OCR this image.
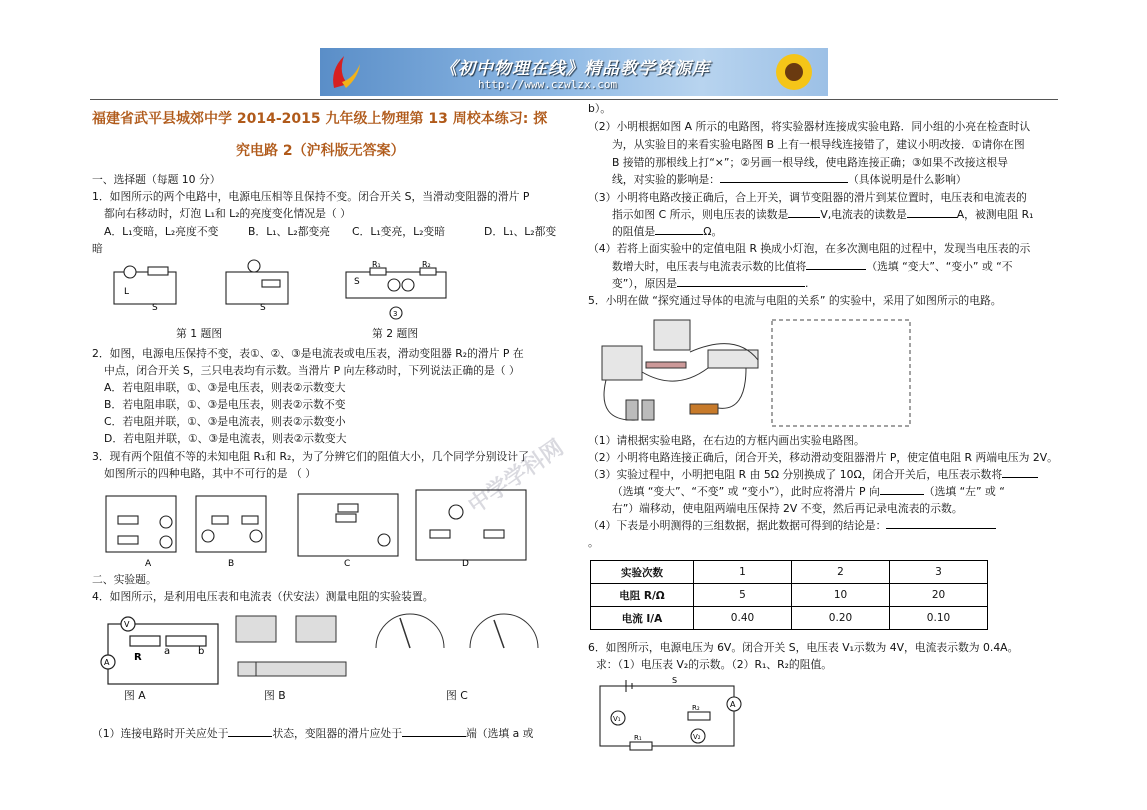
《初中物理在线》精品教学资源库
http://www.czwlzx.com
福建省武平县城郊中学 2014-2015 九年级上物理第 13 周校本练习: 探
究电路 2（沪科版无答案）
一、选择题（每题 10 分）
1．如图所示的两个电路中，电源电压相等且保持不变。闭合开关 S，当滑动变阻器的滑片 P
都向右移动时，灯泡 L₁和 L₂的亮度变化情况是（ ）
A．L₁变暗，L₂亮度不变	B．L₁、L₂都变亮 C．L₁变亮，L₂变暗	D．L₁、L₂都变
暗
L
S	S
S
R₁	R₂
3
第 1 题图	第 2 题图
2．如图，电源电压保持不变，表①、②、③是电流表或电压表，滑动变阻器 R₂的滑片 P 在
中点，闭合开关 S，三只电表均有示数。当滑片 P 向左移动时，下列说法正确的是（ ）
A．若电阻串联，①、③是电压表，则表②示数变大
B．若电阻串联，①、③是电压表，则表②示数不变
C．若电阻并联，①、③是电流表，则表②示数变小
D．若电阻并联，①、③是电流表，则表②示数变大
3．现有两个阻值不等的未知电阻 R₁和 R₂，为了分辨它们的阻值大小，几个同学分别设计了
如图所示的四种电路，其中不可行的是 （ ）
A	B	C	D
二、实验题。
4．如图所示，是利用电压表和电流表（伏安法）测量电阻的实验装置。
V
A R
a	b
图 A	图 B	图 C
（1）连接电路时开关应处于	状态，变阻器的滑片应处于	端（选填 a 或
b）。
（2）小明根据如图 A 所示的电路图，将实验器材连接成实验电路．同小组的小亮在检查时认
为，从实验目的来看实验电路图 B 上有一根导线连接错了，建议小明改接．①请你在图
B 接错的那根线上打“×”；②另画一根导线，使电路连接正确；③如果不改接这根导
线，对实验的影响是：	（具体说明是什么影响）
（3）小明将电路改接正确后，合上开关，调节变阻器的滑片到某位置时，电压表和电流表的
指示如图 C 所示，则电压表的读数是	V,电流表的读数是	A，被测电阻 R₁
的阻值是	Ω。
（4）若将上面实验中的定值电阻 R 换成小灯泡，在多次测电阻的过程中，发现当电压表的示
数增大时，电压表与电流表示数的比值将	（选填 “变大”、“变小” 或 “不
变”），原因是	.
5．小明在做 “探究通过导体的电流与电阻的关系” 的实验中，采用了如图所示的电路。
（1）请根据实验电路，在右边的方框内画出实验电路图。
（2）小明将电路连接正确后，闭合开关，移动滑动变阻器滑片 P，使定值电阻 R 两端电压为 2V。
（3）实验过程中，小明把电阻 R 由 5Ω 分别换成了 10Ω，闭合开关后，电压表示数将
（选填 “变大”、“不变” 或 “变小”），此时应将滑片 P 向	（选填 “左” 或 “
右”）端移动，使电阻两端电压保持 2V 不变，然后再记录电流表的示数。
（4）下表是小明测得的三组数据，据此数据可得到的结论是：
。
实验次数	1	2	3
电阻 R/Ω	5	10	20
电流 I/A	0.40	0.20	0.10
6．如图所示，电源电压为 6V。闭合开关 S，电压表 V₁示数为 4V，电流表示数为 0.4A。
求：（1）电压表 V₂的示数。（2）R₁、R₂的阻值。
A
S
V₁
V₂
R₂
R₁
中学学科网
